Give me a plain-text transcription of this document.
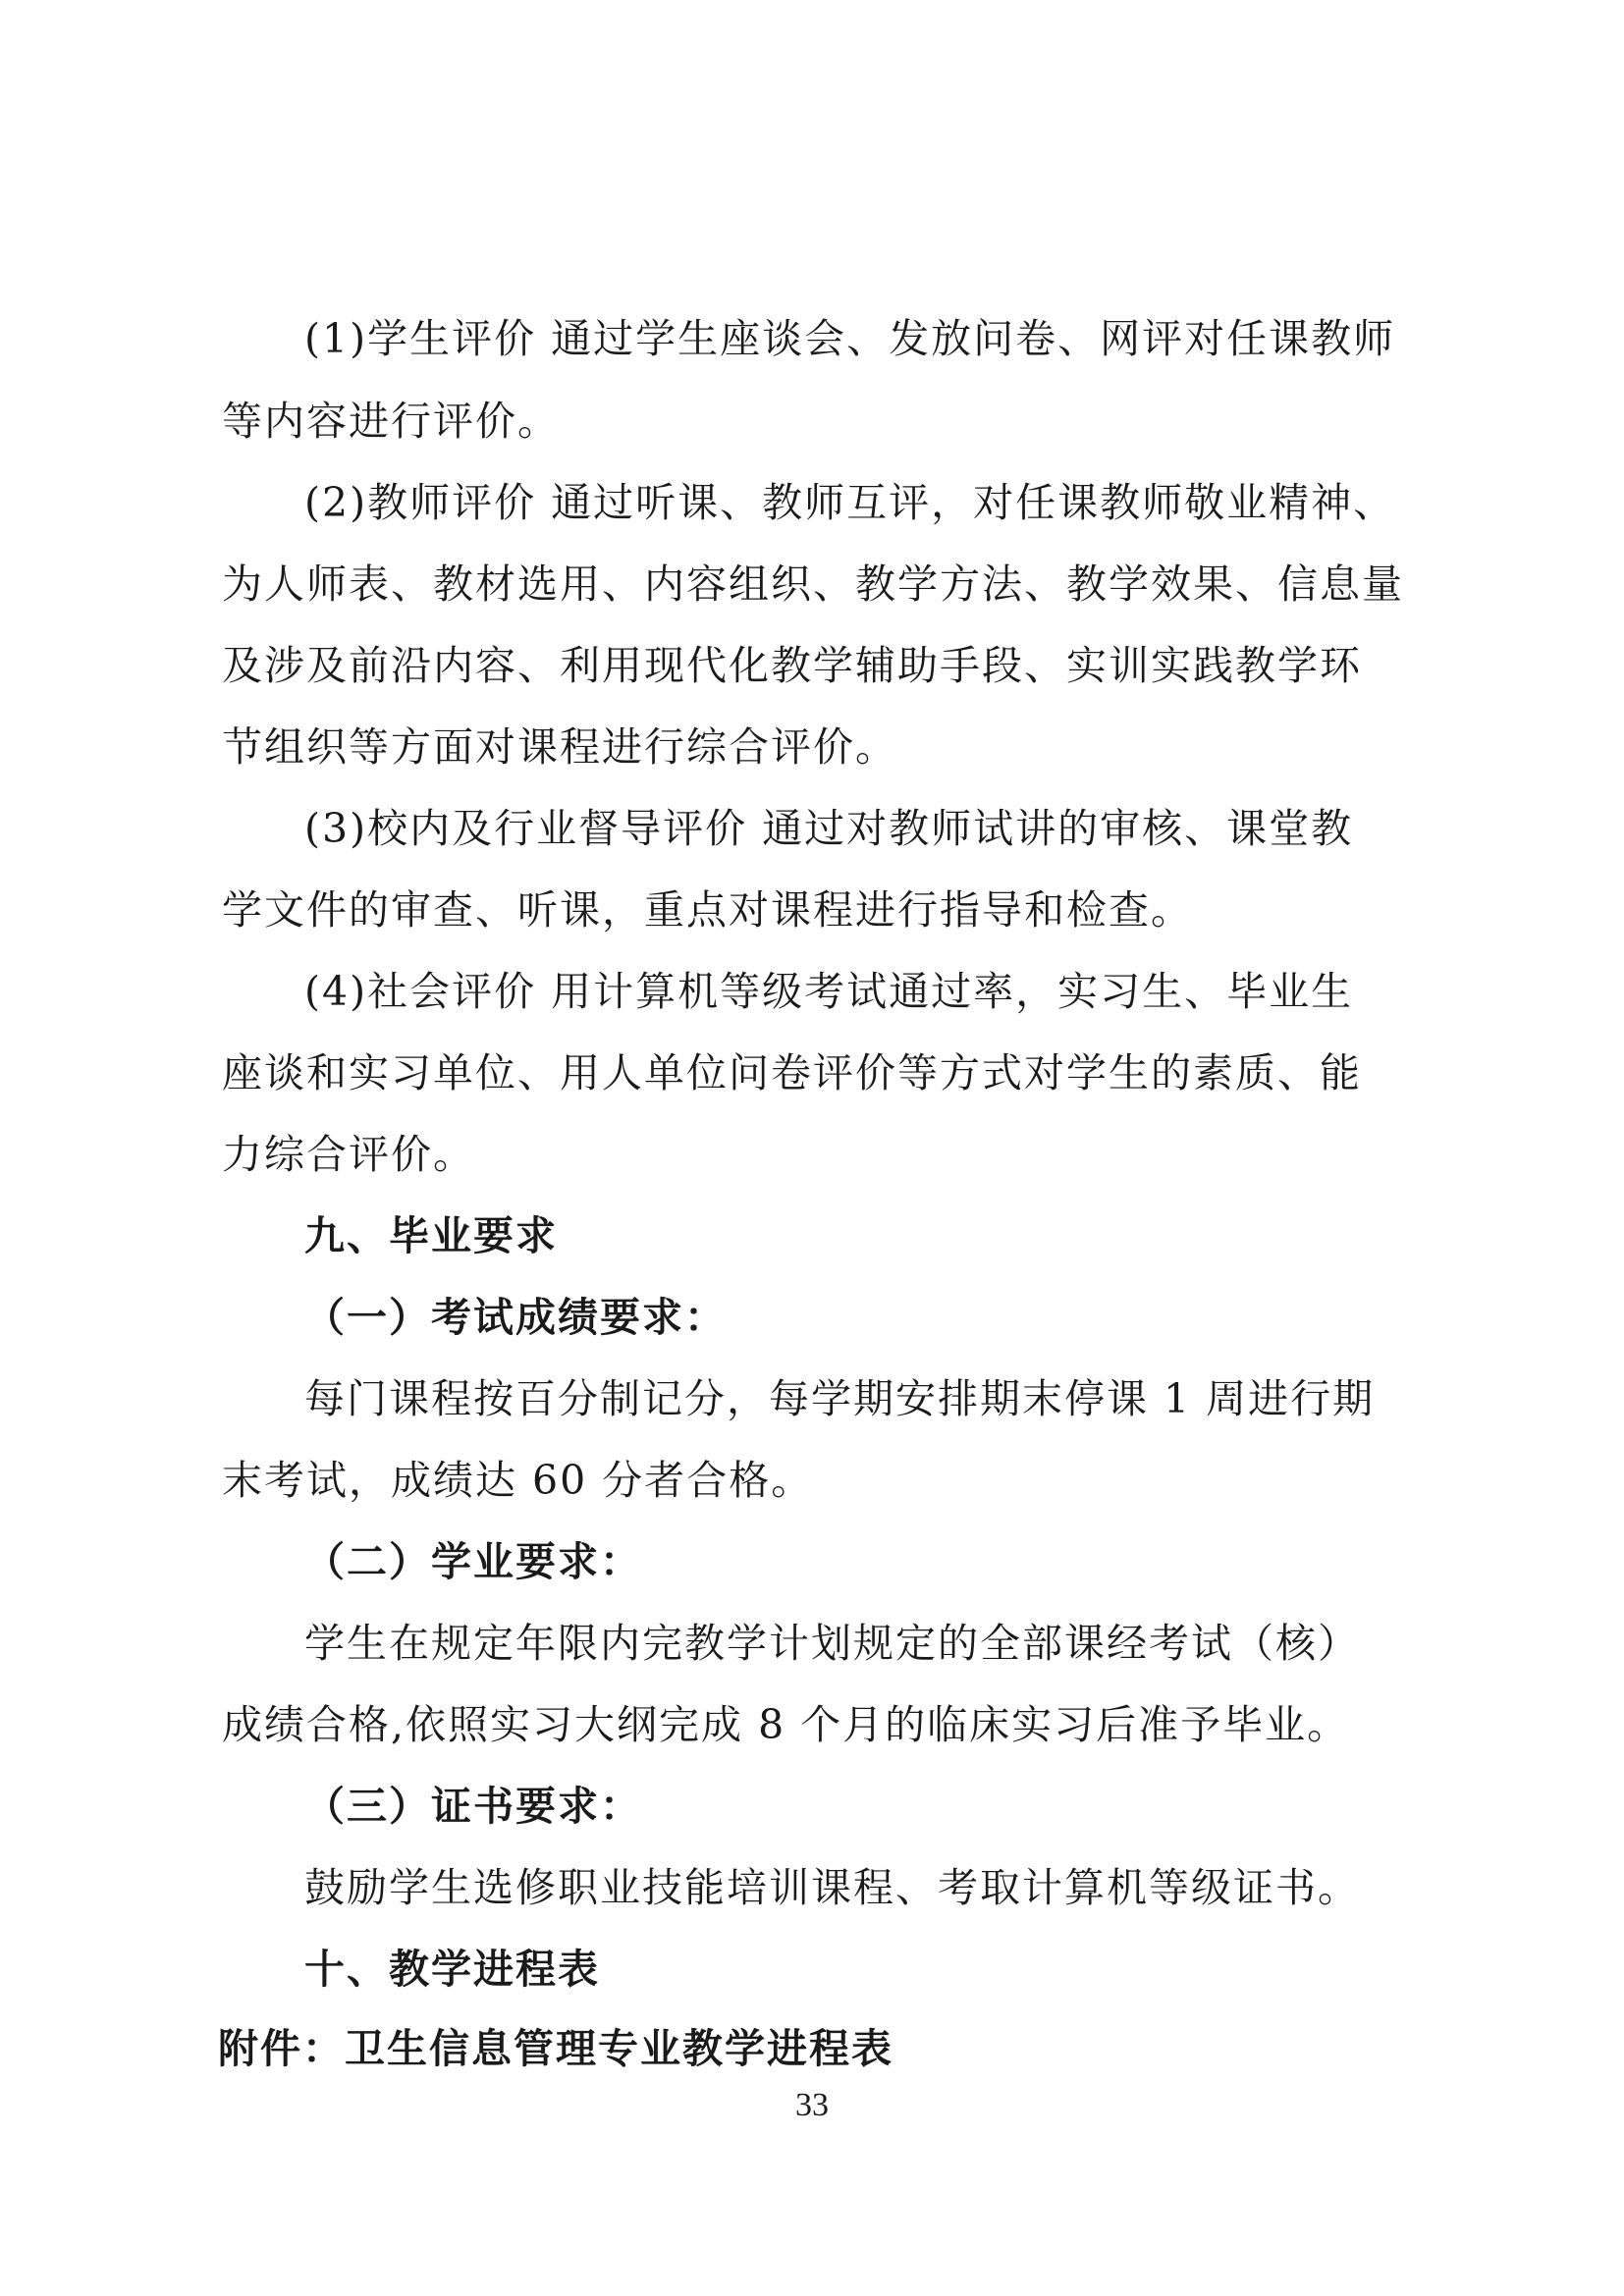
(1)学生评价 通过学生座谈会、发放问卷、网评对任课教师
等内容进行评价。
(2)教师评价 通过听课、教师互评，对任课教师敬业精神、
为人师表、教材选用、内容组织、教学方法、教学效果、信息量
及涉及前沿内容、利用现代化教学辅助手段、实训实践教学环
节组织等方面对课程进行综合评价。
(3)校内及行业督导评价 通过对教师试讲的审核、课堂教
学文件的审查、听课，重点对课程进行指导和检查。
(4)社会评价 用计算机等级考试通过率，实习生、毕业生
座谈和实习单位、用人单位问卷评价等方式对学生的素质、能
力综合评价。
九、毕业要求
（一）考试成绩要求：
每门课程按百分制记分，每学期安排期末停课 1 周进行期
末考试，成绩达 60 分者合格。
（二）学业要求：
学生在规定年限内完教学计划规定的全部课经考试（核）
成绩合格,依照实习大纲完成 8 个月的临床实习后准予毕业。
（三）证书要求：
鼓励学生选修职业技能培训课程、考取计算机等级证书。
十、教学进程表
附件：卫生信息管理专业教学进程表
33
